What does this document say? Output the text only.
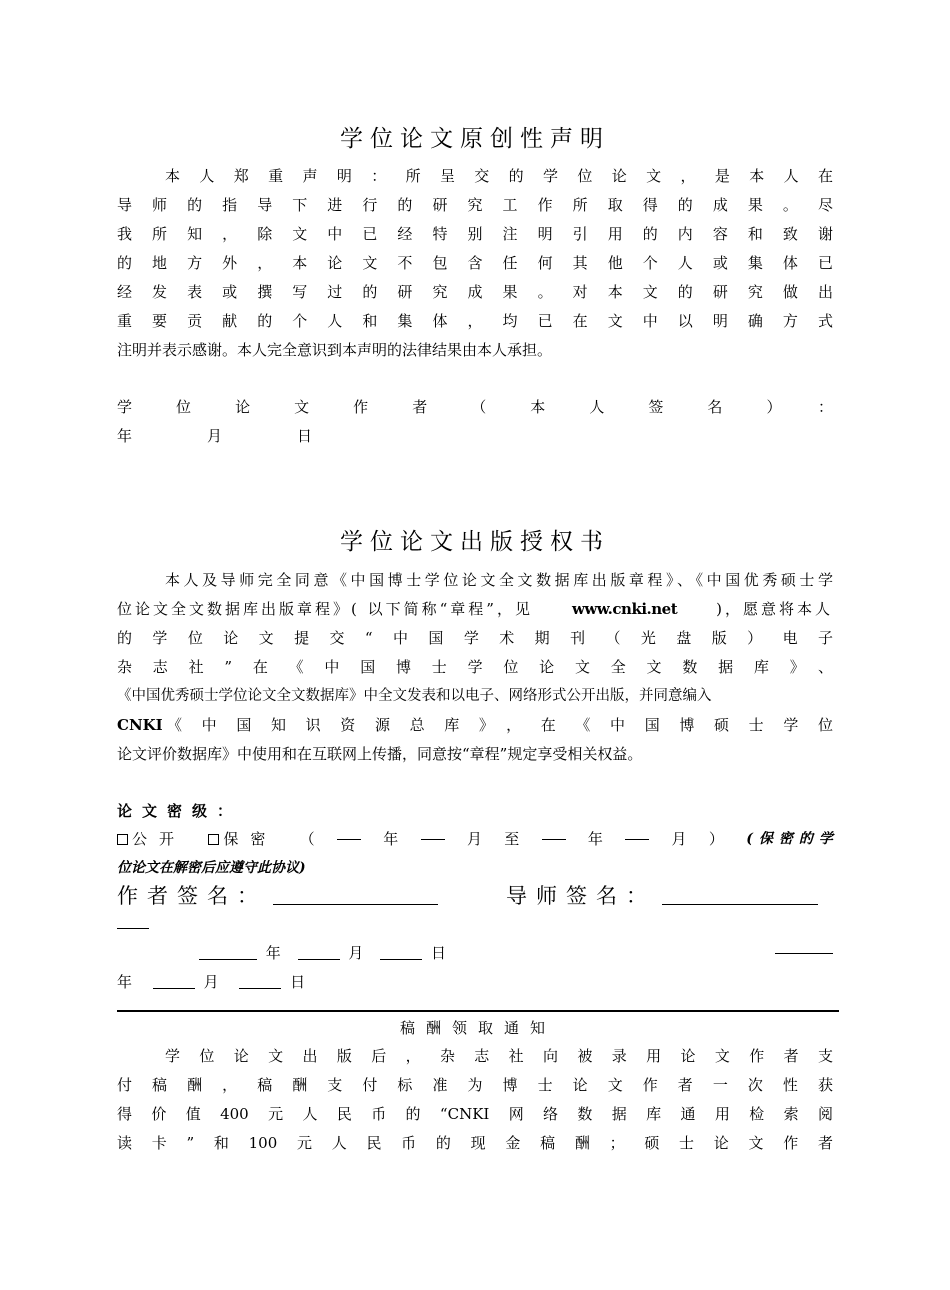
学位论文原创性声明
本人郑重声明：所呈交的学位论文，是本人在
导师的指导下进行的研究工作所取得的成果。尽
我所知，除文中已经特别注明引用的内容和致谢
的地方外，本论文不包含任何其他个人或集体已
经发表或撰写过的研究成果。对本文的研究做出
重要贡献的个人和集体，均已在文中以明确方式
注明并表示感谢。本人完全意识到本声明的法律结果由本人承担。
学位论文作者（本人签名）：
年 月 日
学位论文出版授权书
本人及导师完全同意《中国博士学位论文全文数据库出版章程》、《中国优秀硕士学
位论文全文数据库出版章程》( 以下简称“章程”，见	www.cnki.net	)，愿意将本人
的学位论文提交“中国学术期刊（光盘版）电子
杂志社”在《中国博士学位论文全文数据库》、
《中国优秀硕士学位论文全文数据库》中全文发表和以电子、网络形式公开出版，并同意编入
CNKI 《中国知识资源总库》，在《中国博硕士学位
论文评价数据库》中使用和在互联网上传播，同意按“章程”规定享受相关权益。
论文密级：
公开	保密 （	年	月 至	年	月 ） (保密的学
位论文在解密后应遵守此协议)
作者签名：	导师签名：
年	月	日
年	月	日
稿酬领取通知
学位论文出版后，杂志社向被录用论文作者支
付稿酬，稿酬支付标准为博士论文作者一次性获
得价值400元人民币的“CNKI网络数据库通用检索阅
读卡”和100元人民币的现金稿酬；硕士论文作者
